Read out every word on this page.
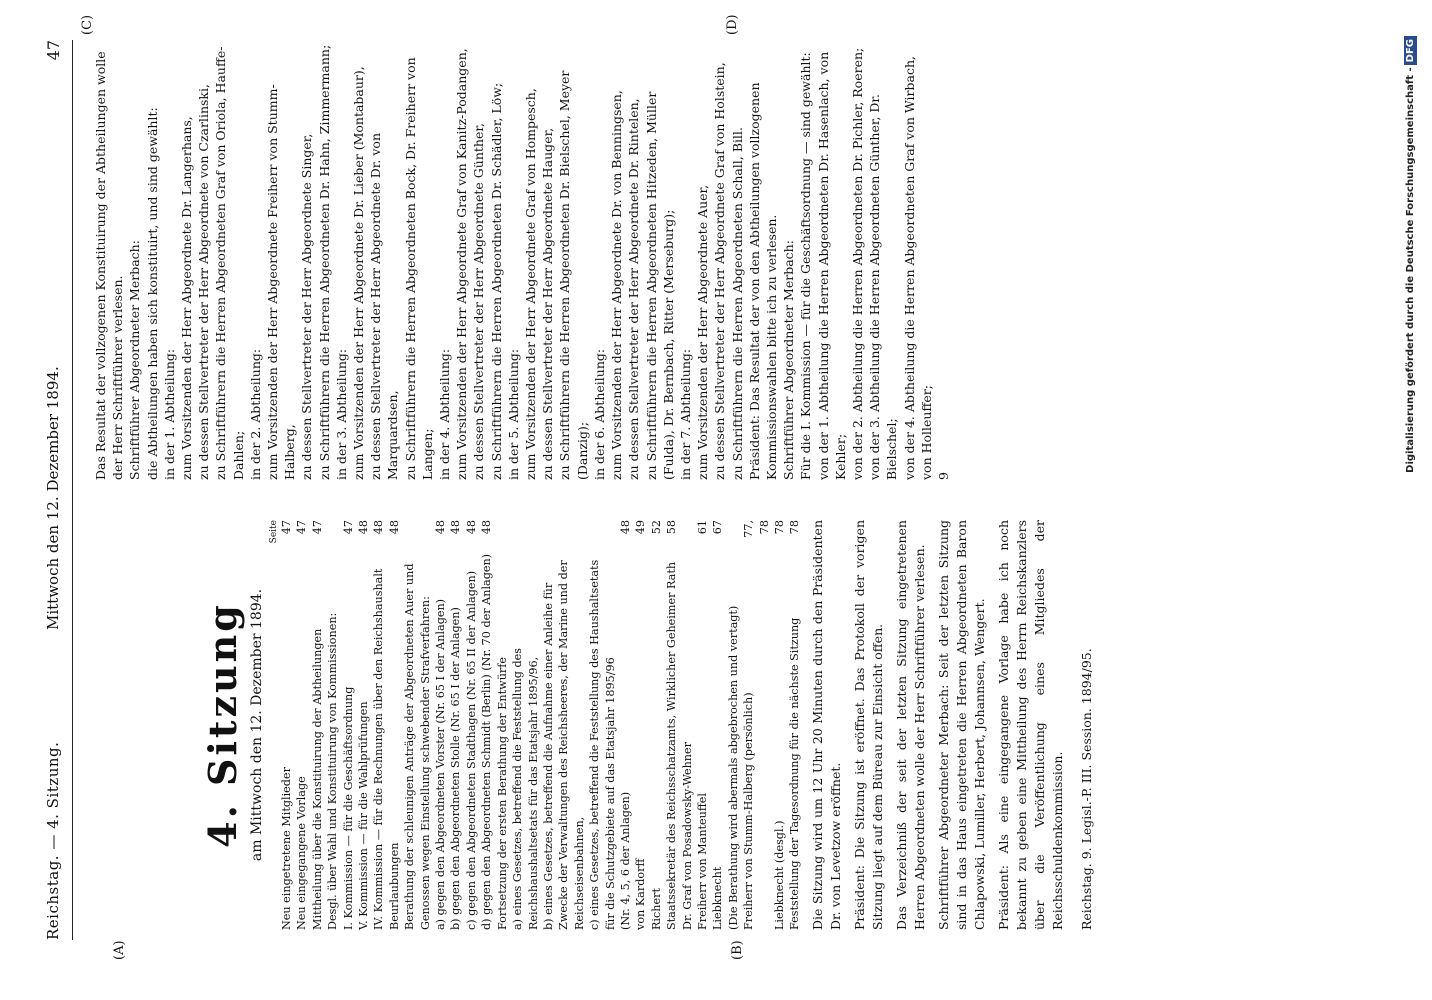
Reichstag. — 4. Sitzung.
Mittwoch den 12. Dezember 1894.
47
(A)	(B)
(C)	(D)
4. Sitzung am Mittwoch den 12. Dezember 1894.
Seite
Neu eingetretene Mitglieder
47
Neu eingegangene Vorlage
47
Mittheilung über die Konstituirung der Abtheilungen
47
Desgl. über Wahl und Konstituirung von Kommissionen: I. Kommission — für die Geschäftsordnung
47
V. Kommission — für die Wahlprüfungen
48
IV. Kommission — für die Rechnungen über den Reichshaushalt
48
Beurlaubungen
48
Berathung der schleunigen Anträge der Abgeordneten Auer und Genossen wegen Einstellung schwebender Strafverfahren: a) gegen den Abgeordneten Vorster (Nr. 65 I der Anlagen)
48
b) gegen den Abgeordneten Stolle (Nr. 65 I der Anlagen)
48
c) gegen den Abgeordneten Stadthagen (Nr. 65 II der Anlagen)
48
d) gegen den Abgeordneten Schmidt (Berlin) (Nr. 70 der Anlagen)
48
Fortsetzung der ersten Berathung der Entwürfe a) eines Gesetzes, betreffend die Feststellung des Reichshaushaltsetats für das Etatsjahr 1895/96, b) eines Gesetzes, betreffend die Aufnahme einer Anleihe für Zwecke der Verwaltungen des Reichsheeres, der Marine und der Reichseisenbahnen, c) eines Gesetzes, betreffend die Feststellung des Haushaltsetats für die Schutzgebiete auf das Etatsjahr 1895/96 (Nr. 4, 5, 6 der Anlagen)
48
von Kardorff
49
Richert
52
Staatssekretär des Reichsschatzamts, Wirklicher Geheimer Rath Dr. Graf von Posadowsky-Wehner
58
Freiherr von Manteuffel
61
Liebknecht
67
(Die Berathung wird abermals abgebrochen und vertagt) Freiherr von Stumm-Halberg (persönlich)
77, 78
Liebknecht (desgl.)
78
Feststellung der Tagesordnung für die nächste Sitzung
78 Die Sitzung wird um 12 Uhr 20 Minuten durch den Präsidenten Dr. von Levetzow eröffnet. Präsident: Die Sitzung ist eröffnet. Das Protokoll der vorigen Sitzung liegt auf dem Büreau zur Einsicht offen. Das Verzeichniß der seit der letzten Sitzung eingetretenen Herren Abgeordneten wolle der Herr Schriftführer verlesen. Schriftführer Abgeordneter Merbach: Seit der letzten Sitzung sind in das Haus eingetreten die Herren Abgeordneten Baron Chlapowski, Lumiller, Herbert, Johannsen, Wengert. Präsident: Als eine eingegangene Vorlage habe ich noch bekannt zu geben eine Mittheilung des Herrn Reichskanzlers über die Veröffentlichung eines Mitgliedes der Reichsschuldenkommission. Reichstag. 9. Legisl.-P. III. Session. 1894/95.
Das Resultat der vollzogenen Konstituirung der Abtheilungen wolle der Herr Schriftführer verlesen. Schriftführer Abgeordneter Merbach: die Abtheilungen haben sich konstituirt, und sind gewählt: in der 1. Abtheilung: zum Vorsitzenden der Herr Abgeordnete Dr. Langerhans, zu dessen Stellvertreter der Herr Abgeordnete von Czarlinski, zu Schriftführern die Herren Abgeordneten Graf von Oriola, Hauffe-Dahlen; in der 2. Abtheilung: zum Vorsitzenden der Herr Abgeordnete Freiherr von Stumm-Halberg, zu dessen Stellvertreter der Herr Abgeordnete Singer, zu Schriftführern die Herren Abgeordneten Dr. Hahn, Zimmermann; in der 3. Abtheilung: zum Vorsitzenden der Herr Abgeordnete Dr. Lieber (Montabaur), zu dessen Stellvertreter der Herr Abgeordnete Dr. von Marquardsen, zu Schriftführern die Herren Abgeordneten Bock, Dr. Freiherr von Langen; in der 4. Abtheilung: zum Vorsitzenden der Herr Abgeordnete Graf von Kanitz-Podangen, zu dessen Stellvertreter der Herr Abgeordnete Günther, zu Schriftführern die Herren Abgeordneten Dr. Schädler, Löw; in der 5. Abtheilung: zum Vorsitzenden der Herr Abgeordnete Graf von Hompesch, zu dessen Stellvertreter der Herr Abgeordnete Hauger, zu Schriftführern die Herren Abgeordneten Dr. Bielschel, Meyer (Danzig); in der 6. Abtheilung: zum Vorsitzenden der Herr Abgeordnete Dr. von Benningsen, zu dessen Stellvertreter der Herr Abgeordnete Dr. Rintelen, zu Schriftführern die Herren Abgeordneten Hitzeden, Müller (Fulda), Dr. Bernbach, Ritter (Merseburg); in der 7. Abtheilung: zum Vorsitzenden der Herr Abgeordnete Auer, zu dessen Stellvertreter der Herr Abgeordnete Graf von Holstein, zu Schriftführern die Herren Abgeordneten Schall, Bill. Präsident: Das Resultat der von den Abtheilungen vollzogenen Kommissionswahlen bitte ich zu verlesen. Schriftführer Abgeordneter Merbach: Für die I. Kommission — für die Geschäftsordnung — sind gewählt: von der 1. Abtheilung die Herren Abgeordneten Dr. Hasenlach, von Kehler; von der 2. Abtheilung die Herren Abgeordneten Dr. Pichler, Roeren; von der 3. Abtheilung die Herren Abgeordneten Günther, Dr. Bielschel; von der 4. Abtheilung die Herren Abgeordneten Graf von Wirbach, von Holleuffer; 9
Digitalisierung gefördert durch die Deutsche Forschungsgemeinschaft -DFG
